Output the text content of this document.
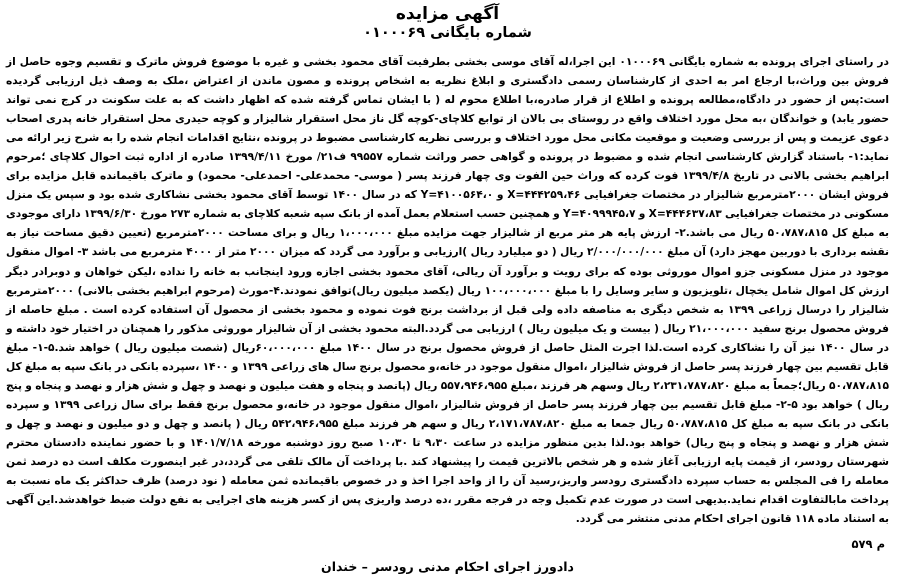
آگهی مزایده
شماره بایگانی ۰۱۰۰۰۶۹
در راستای اجرای پرونده به شماره بایگانی ۰۱۰۰۰۶۹ این اجرا،له آقای موسی بخشی بطرفیت آقای محمود بخشی و غیره با موضوع فروش ماترک و تقسیم وجوه حاصل از فروش بین وراث،با ارجاع امر به احدی از کارشناسان رسمی دادگستری و ابلاغ نظریه به اشخاص پرونده و مصون ماندن از اعتراض ،ملک به وصف ذیل ارزیابی گردیده است:پس از حضور در دادگاه،مطالعه پرونده و اطلاع از قرار صادره،با اطلاع محوم له ( با ایشان تماس گرفته شده که اظهار داشت که به علت سکونت در کرج نمی تواند حضور یابد) و خواندگان ،به محل مورد اختلاف واقع در روستای بی بالان از توابع کلاچای-کوچه گل ناز محل استقرار شالیزار و کوچه حیدری محل استقرار خانه پدری اصحاب دعوی عزیمت و پس از بررسی وضعیت و موقعیت مکانی محل مورد اختلاف و بررسی نظریه کارشناسی مضبوط در پرونده ،نتایج اقدامات انجام شده را به شرح زیر ارائه می نماید:۱- باستناد گزارش کارشناسی انجام شده و مضبوط در پرونده و گواهی حصر وراثت شماره ۹۹۵۵۷ ف۲۱/ مورخ ۱۳۹۹/۴/۱۱ صادره از اداره ثبت احوال کلاچای ؛مرحوم ابراهیم بخشی بالانی در تاریخ ۱۳۹۹/۴/۸ فوت کرده که وراث حین الفوت وی چهار فرزند پسر ( موسی- محمدعلی- احمدعلی- محمود) و ماترک باقیمانده قابل مزایده برای فروش ایشان ۲۰۰۰مترمربع شالیزار در مختصات جغرافیایی X=۴۴۴۲۵۹،۴۶ و Y=۴۱۰۰۵۶۴،۰ که در سال ۱۴۰۰ توسط آقای محمود بخشی نشاکاری شده بود و سپس یک منزل مسکونی در مختصات جغرافیایی X=۴۴۴۶۳۷،۸۳ و Y=۴۰۹۹۹۴۵،۷ و همچنین حسب استعلام بعمل آمده از بانک سپه شعبه کلاچای به شماره ۲۷۳ مورخ ۱۳۹۹/۶/۳۰ دارای موجودی به مبلغ کل ۵۰،۷۸۷،۸۱۵ ریال می باشد.۲- ارزش پایه هر متر مربع از شالیزار جهت مزایده مبلغ ۱،۰۰۰،۰۰۰ ریال و برای مساحت ۲۰۰۰مترمربع (تعیین دقیق مساحت نیاز به نقشه برداری با دوربین مهجز دارد) آن مبلغ ۲/۰۰۰/۰۰۰/۰۰۰ ریال ( دو میلیارد ریال )ارزیابی و برآورد می گردد که میزان ۲۰۰۰ متر از ۴۰۰۰ مترمربع می باشد ۳- اموال منقول موجود در منزل مسکونی جزو اموال موروثی بوده که برای رویت و برآورد آن ریالی، آقای محمود بخشی اجازه ورود اینجانب به خانه را نداده ،لیکن خواهان و دوبرادر دیگر ارزش کل اموال شامل یخچال ،تلویزیون و سایر وسایل را با مبلغ ۱۰۰،۰۰۰،۰۰۰ ریال (یکصد میلیون ریال)توافق نمودند.۴-مورث (مرحوم ابراهیم بخشی بالانی) ۲۰۰۰مترمربع شالیزار را درسال زراعی ۱۳۹۹ به شخص دیگری به مناصفه داده ولی قبل از برداشت برنج فوت نموده و محمود بخشی از محصول آن استفاده کرده است . مبلغ حاصله از فروش محصول برنج سفید ۲۱،۰۰۰،۰۰۰ ریال ( بیست و یک میلیون ریال ) ارزیابی می گردد.البته محمود بخشی از آن شالیزار موروثی مذکور را همچنان در اختیار خود داشته و در سال ۱۴۰۰ نیز آن را نشاکاری کرده است.لذا اجرت المثل حاصل از فروش محصول برنج در سال ۱۴۰۰ مبلغ ۶۰،۰۰۰،۰۰۰ریال (شصت میلیون ریال ) خواهد شد.۵-۱- مبلغ قابل تقسیم بین چهار فرزند پسر حاصل از فروش شالیزار ،اموال منقول موجود در خانه،و محصول برنج سال های زراعی ۱۳۹۹ و ۱۴۰۰ ،سپرده بانکی در بانک سپه به مبلغ کل ۵۰،۷۸۷،۸۱۵ ریال؛جمعاً به مبلغ ۲،۲۳۱،۷۸۷،۸۲۰ ریال وسهم هر فرزند ،مبلغ ۵۵۷،۹۴۶،۹۵۵ ریال (پانصد و پنجاه و هفت میلیون و نهصد و چهل و شش هزار و نهصد و پنجاه و پنج ریال ) خواهد بود ۵-۲- مبلغ قابل تقسیم بین چهار فرزند پسر حاصل از فروش شالیزار ،اموال منقول موجود در خانه،و محصول برنج فقط برای سال زراعی ۱۳۹۹ و سپرده بانکی در بانک سپه به مبلغ کل ۵۰،۷۸۷،۸۱۵ ریال جمعا به مبلغ ۲،۱۷۱،۷۸۷،۸۲۰ ریال و سهم هر فرزند مبلغ ۵۴۲،۹۴۶،۹۵۵ ریال ( پانصد و چهل و دو میلیون و نهصد و چهل و شش هزار و نهصد و پنجاه و پنج ریال) خواهد بود.لذا بدین منظور مزایده در ساعت ۹،۳۰ تا ۱۰،۳۰ صبح روز دوشنبه مورخه ۱۴۰۱/۷/۱۸ و با حضور نماینده دادستان محترم شهرستان رودسر، از قیمت پایه ارزیابی آغاز شده و هر شخص بالاترین قیمت را پیشنهاد کند .با پرداخت آن مالک تلقی می گردد،در غیر اینصورت مکلف است ده درصد ثمن معامله را فی المجلس به حساب سپرده دادگستری رودسر واریز،رسید آن را از واحد اجرا اخذ و در خصوص باقیمانده ثمن معامله ( نود درصد) ظرف حداکثر یک ماه نسبت به پرداخت مابالتفاوت اقدام نماید.بدیهی است در صورت عدم تکمیل وجه در فرجه مقرر ،ده درصد واریزی پس از کسر هزینه های اجرایی به نفع دولت ضبط خواهدشد.این آگهی به استناد ماده ۱۱۸ قانون اجرای احکام مدنی منتشر می گردد.
م ۵۷۹
دادورز اجرای احکام مدنی رودسر – خندان
